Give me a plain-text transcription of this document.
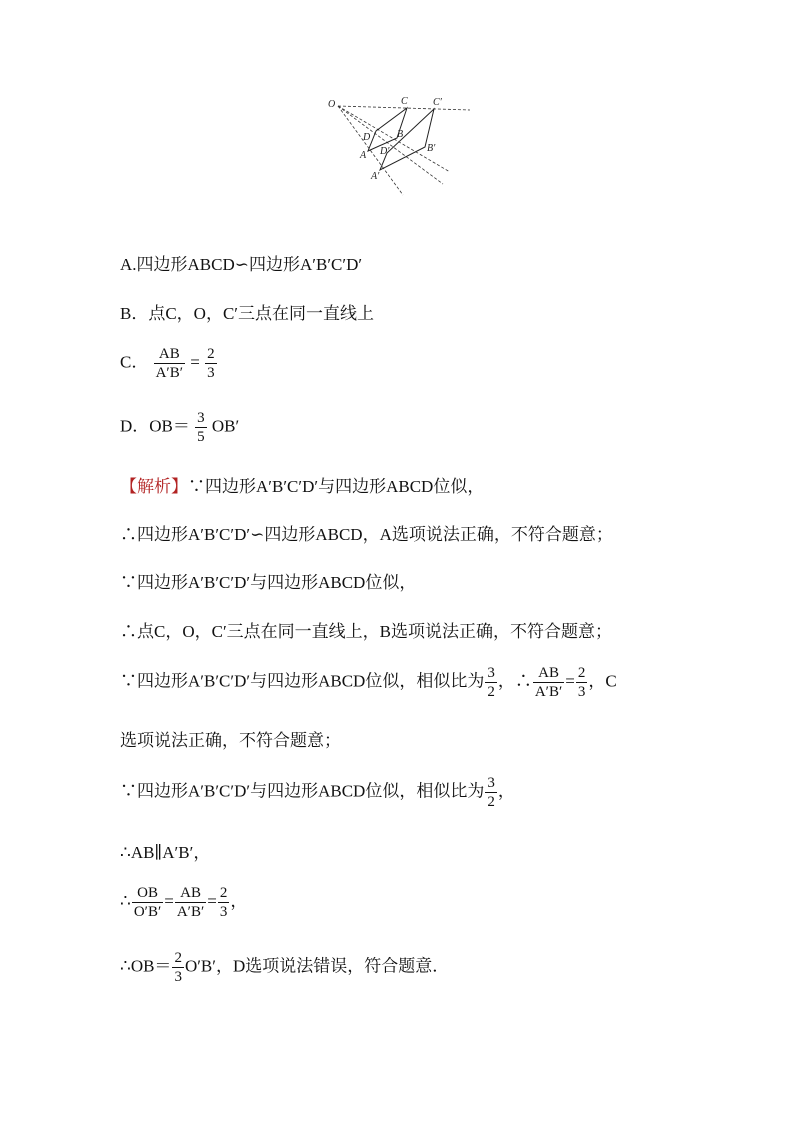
O	C	C′
D	B
D′
A
B′
A′
A.四边形ABCD∽四边形A′B′C′D′
B．点C，O，C′三点在同一直线上
C． $\frac{AB}{A'B'} = \frac{2}{3}$
D．$OB= \frac{3}{5} OB'$
【解析】∵四边形A′B′C′D′与四边形ABCD位似，
∴四边形A′B′C′D′∽四边形ABCD，A选项说法正确，不符合题意；
∵四边形A′B′C′D′与四边形ABCD位似，
∴点C，O，C′三点在同一直线上，B选项说法正确，不符合题意；
∵四边形A′B′C′D′与四边形ABCD位似，相似比为 $\frac{3}{2}$ ，∴ $\frac{AB}{A'B'} = \frac{2}{3}$ ，C
选项说法正确，不符合题意；
∵四边形A′B′C′D′与四边形ABCD位似，相似比为 $\frac{3}{2}$ ，
∴AB∥A′B′，
∴ $\frac{OB}{O'B'} = \frac{AB}{A'B'} = \frac{2}{3}$ ，
∴OB＝ $\frac{2}{3} O'B'$，D选项说法错误，符合题意．
